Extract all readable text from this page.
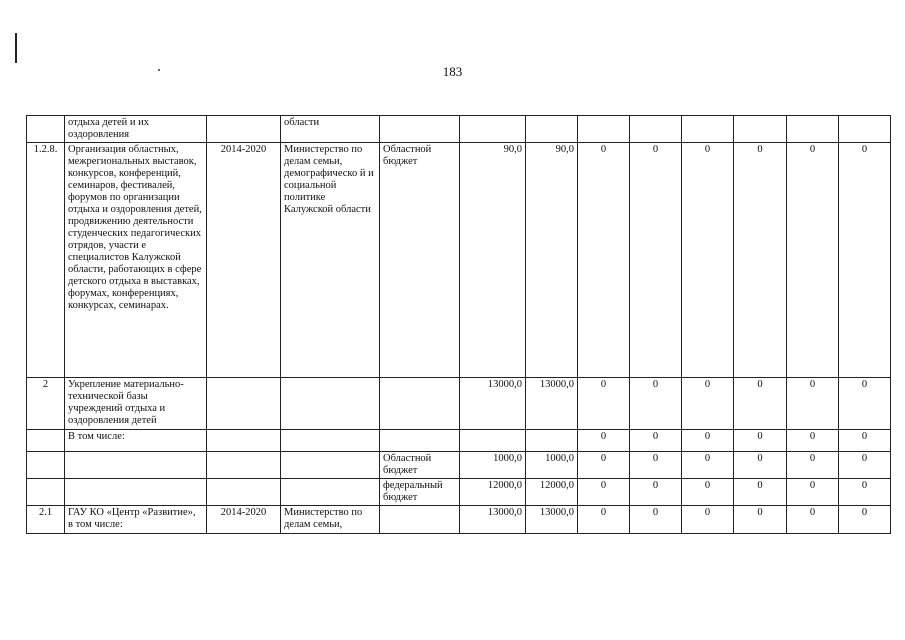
183
	отдыха детей и их оздоровления		области									
1.2.8.	Организация областных, межрегиональных выставок, конкурсов, конференций, семинаров, фестивалей, форумов по организации отдыха и оздоровления детей, продвижению деятельности студенческих педагогических отрядов, участи е специалистов Калужской области, работающих в сфере детского отдыха в выставках, форумах, конференциях, конкурсах, семинарах.	2014-2020	Министерство по делам семьи, демографическо й и социальной политике Калужской области	Областной бюджет	90,0	90,0	0	0	0	0	0	0
2	Укрепление материально-технической базы учреждений отдыха и оздоровления детей				13000,0	13000,0	0	0	0	0	0	0
	В том числе:						0	0	0	0	0	0
				Областной бюджет	1000,0	1000,0	0	0	0	0	0	0
				федеральный бюджет	12000,0	12000,0	0	0	0	0	0	0
2.1	ГАУ КО «Центр «Развитие», в том числе:	2014-2020	Министерство по делам семьи,		13000,0	13000,0	0	0	0	0	0	0
